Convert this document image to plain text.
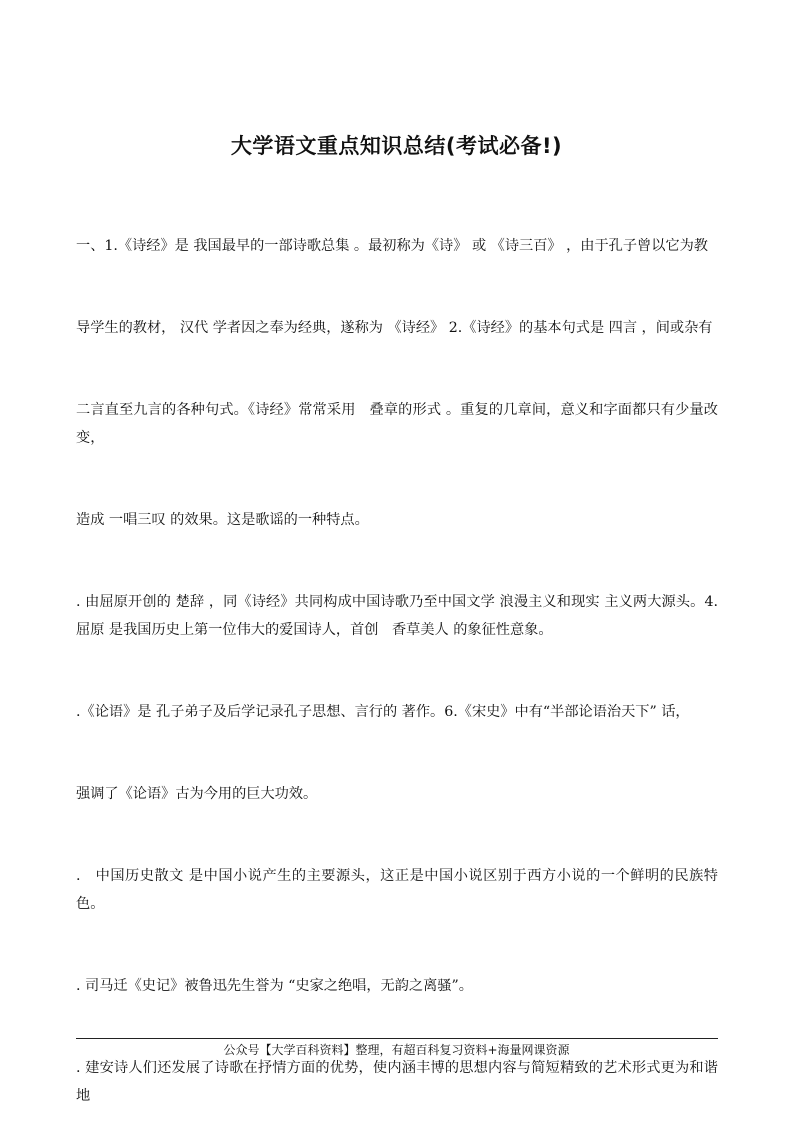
大学语文重点知识总结(考试必备!)

一、1.《诗经》是 我国最早的一部诗歌总集 。最初称为《诗》 或 《诗三百》 ，由于孔子曾以它为教

导学生的教材， 汉代 学者因之奉为经典，遂称为 《诗经》 2.《诗经》的基本句式是 四言 ，间或杂有

二言直至九言的各种句式。《诗经》常常采用   叠章的形式 。重复的几章间，意义和字面都只有少量改变，

造成 一唱三叹 的效果。这是歌谣的一种特点。

. 由屈原开创的 楚辞 ，同《诗经》共同构成中国诗歌乃至中国文学 浪漫主义和现实 主义两大源头。4. 屈原 是我国历史上第一位伟大的爱国诗人，首创   香草美人 的象征性意象。

.《论语》是 孔子弟子及后学记录孔子思想、言行的 著作。6.《宋史》中有“半部论语治天下” 话，

强调了《论语》古为今用的巨大功效。

.   中国历史散文 是中国小说产生的主要源头，这正是中国小说区别于西方小说的一个鲜明的民族特色。

. 司马迁《史记》被鲁迅先生誉为 “史家之绝唱，无韵之离骚”。

. 建安诗人们还发展了诗歌在抒情方面的优势，使内涵丰博的思想内容与简短精致的艺术形式更为和谐地

公众号【大学百科资料】整理，有超百科复习资料+海量网课资源
